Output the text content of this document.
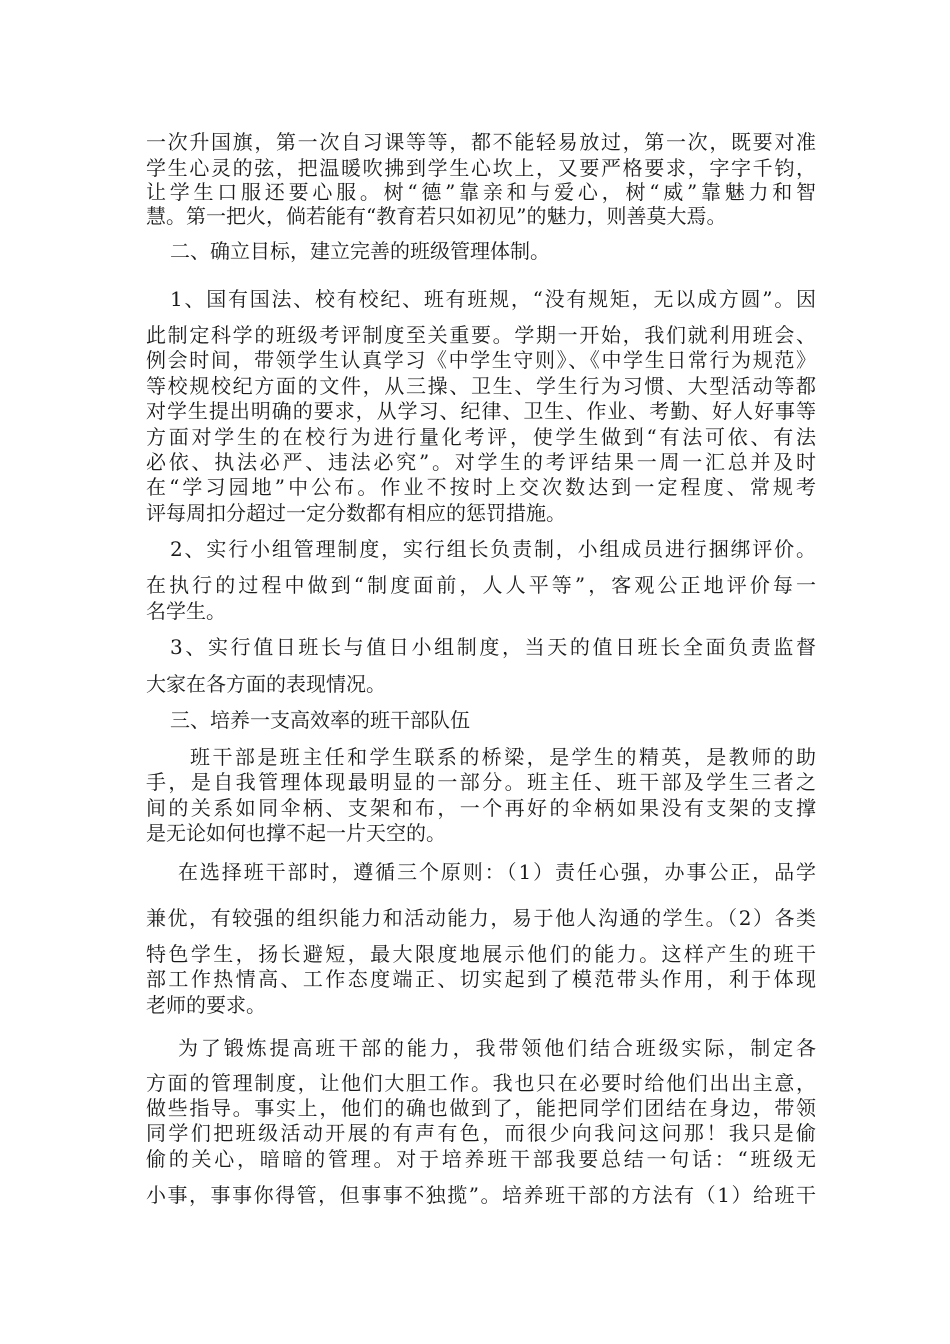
一次升国旗，第一次自习课等等，都不能轻易放过，第一次，既要对准
学生心灵的弦，把温暖吹拂到学生心坎上，又要严格要求，字字千钧，
让学生口服还要心服。树“德”靠亲和与爱心，树“威”靠魅力和智
慧。第一把火，倘若能有“教育若只如初见”的魅力，则善莫大焉。
二、确立目标，建立完善的班级管理体制。
1、国有国法、校有校纪、班有班规，“没有规矩，无以成方圆”。因
此制定科学的班级考评制度至关重要。学期一开始，我们就利用班会、
例会时间，带领学生认真学习《中学生守则》、《中学生日常行为规范》
等校规校纪方面的文件，从三操、卫生、学生行为习惯、大型活动等都
对学生提出明确的要求，从学习、纪律、卫生、作业、考勤、好人好事等
方面对学生的在校行为进行量化考评，使学生做到“有法可依、有法
必依、执法必严、违法必究”。对学生的考评结果一周一汇总并及时
在“学习园地”中公布。作业不按时上交次数达到一定程度、常规考
评每周扣分超过一定分数都有相应的惩罚措施。
2、实行小组管理制度，实行组长负责制，小组成员进行捆绑评价。
在执行的过程中做到“制度面前，人人平等”，客观公正地评价每一
名学生。
3、实行值日班长与值日小组制度，当天的值日班长全面负责监督
大家在各方面的表现情况。
三、培养一支高效率的班干部队伍
班干部是班主任和学生联系的桥梁，是学生的精英，是教师的助
手，是自我管理体现最明显的一部分。班主任、班干部及学生三者之
间的关系如同伞柄、支架和布，一个再好的伞柄如果没有支架的支撑
是无论如何也撑不起一片天空的。
在选择班干部时，遵循三个原则：（1）责任心强，办事公正，品学
兼优，有较强的组织能力和活动能力，易于他人沟通的学生。（2）各类
特色学生，扬长避短，最大限度地展示他们的能力。这样产生的班干
部工作热情高、工作态度端正、切实起到了模范带头作用，利于体现
老师的要求。
为了锻炼提高班干部的能力，我带领他们结合班级实际，制定各
方面的管理制度，让他们大胆工作。我也只在必要时给他们出出主意，
做些指导。事实上，他们的确也做到了，能把同学们团结在身边，带领
同学们把班级活动开展的有声有色，而很少向我问这问那！我只是偷
偷的关心，暗暗的管理。对于培养班干部我要总结一句话：“班级无
小事，事事你得管，但事事不独揽”。培养班干部的方法有（1）给班干
